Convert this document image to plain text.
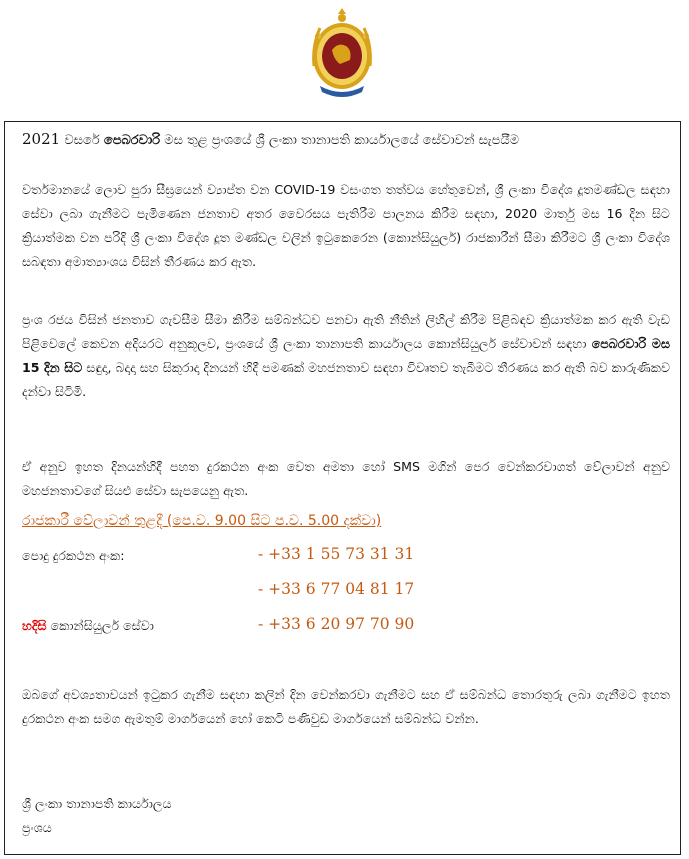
2021 වසරේ පෙබරවාරි මස තුළ ප්‍රංශයේ ශ්‍රී ලංකා තානාපති කාර්යාලයේ සේවාවන් සැපයීම
වර්තමානයේ ලොව පුරා සීඝ්‍රයෙන් ව්‍යාප්ත වන COVID-19 වසංගත තත්වය හේතුවෙන්, ශ්‍රී ලංකා විදේශ දූතමණ්ඩල සඳහා සේවා ලබා ගැනීමට පැමිණෙන ජනතාව අතර වෛරසය පැතිරීම පාලනය කිරීම සඳහා, 2020 මාර්තු මස 16 දින සිට ක්‍රියාත්මක වන පරිදි ශ්‍රී ලංකා විදේශ දූත මණ්ඩල වලින් ඉටුකෙරෙන (කොන්සියුලර්) රාජකාරීන් සීමා කිරීමට ශ්‍රී ලංකා විදේශ සබඳතා අමාත්‍යාංශය විසින් තීරණය කර ඇත.
ප්‍රංශ රජය විසින් ජනතාව ගැවසීම සීමා කිරීම සම්බන්ධව පනවා ඇති නීතින් ලිහිල් කිරීම පිළිබඳව ක්‍රියාත්මක කර ඇති වැඩ පිළිවෙලේ කෙවන අදියරට අනුකූලව, ප්‍රංශයේ ශ්‍රී ලංකා තානාපති කාර්යාලය කොන්සියුලර් සේවාවන් සඳහා පෙබරවාරි මස 15 දින සිට සඳුදා, බදාදා සහ සිකුරාදා දිනයන් හිදී පමණක් මහජනතාව සඳහා විවෘතව තැබීමට තීරණය කර ඇති බව කාරුණිකව දන්වා සිටිමි.
ඒ අනුව ඉහත දිනයන්හිදී පහත දුරකථන අංක වෙත අමතා හෝ SMS මගින් පෙර වෙන්කරවාගත් වේලාවන් අනුව මහජනතාවගේ සියළු සේවා සැපයෙනු ඇත.
රාජකාරී වේලාවන් තුළදී (පෙ.ව. 9.00 සිට ප.ව. 5.00 දක්වා)
පොදු දුරකථන අංක:	- +33 1 55 73 31 31
- +33 6 77 04 81 17
හදිසි කොන්සියුලර් සේවා	- +33 6 20 97 70 90
ඔබගේ අවශ්‍යතාවයන් ඉටුකර ගැනීම සඳහා කලින් දින වෙන්කරවා ගැනීමට සහ ඒ සම්බන්ධ තොරතුරු ලබා ගැනීමට ඉහත දුරකථන අංක සමග ඇමතුම් මාර්ගයෙන් හෝ කෙටි පණිවුඩ මාර්ගයෙන් සම්බන්ධ වන්න.
ශ්‍රී ලංකා තානාපති කාර්යාලය
ප්‍රංශය
